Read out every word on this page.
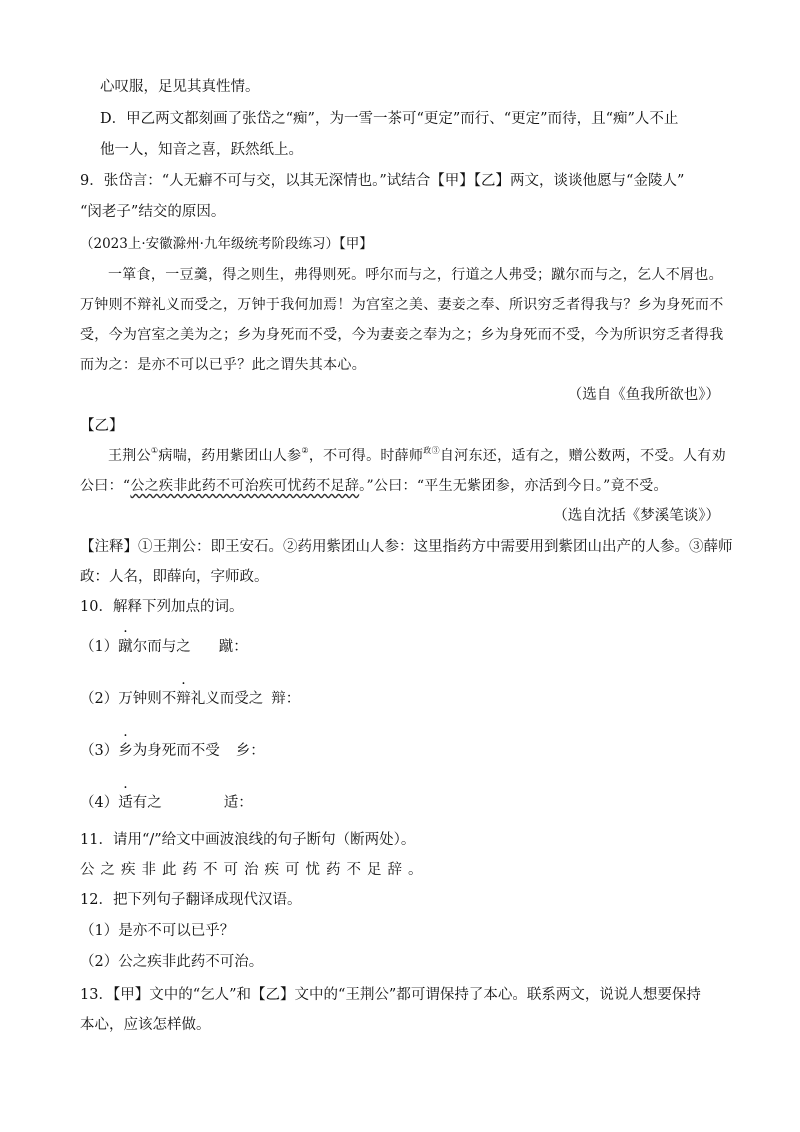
心叹服，足见其真性情。
D．甲乙两文都刻画了张岱之“痴”，为一雪一茶可“更定”而行、“更定”而待，且“痴”人不止
他一人，知音之喜，跃然纸上。
9．张岱言：“人无癖不可与交，以其无深情也。”试结合【甲】【乙】两文，谈谈他愿与“金陵人”
“闵老子”结交的原因。
（2023上·安徽滁州·九年级统考阶段练习）【甲】
一箪食，一豆羹，得之则生，弗得则死。呼尔而与之，行道之人弗受；蹴尔而与之，乞人不屑也。
万钟则不辩礼义而受之，万钟于我何加焉！为宫室之美、妻妾之奉、所识穷乏者得我与？乡为身死而不
受，今为宫室之美为之；乡为身死而不受，今为妻妾之奉为之；乡为身死而不受，今为所识穷乏者得我
而为之：是亦不可以已乎？此之谓失其本心。
（选自《鱼我所欲也》）
【乙】
王荆公①病喘，药用紫团山人参②，不可得。时薛师$^{政③}$自河东还，适有之，赠公数两，不受。人有劝
公曰：“公之疾非此药不可治疾可忧药不足辞。”公曰：“平生无紫团参，亦活到今日。”竟不受。
（选自沈括《梦溪笔谈》）
【注释】①王荆公：即王安石。②药用紫团山人参：这里指药方中需要用到紫团山出产的人参。③薛师
政：人名，即薛向，字师政。
10．解释下列加点的词。
（1）蹴尔而与之 蹴：
（2）万钟则不辩礼义而受之 辩：
（3）乡为身死而不受 乡：
（4）适有之	适：
11．请用“/”给文中画波浪线的句子断句（断两处）。
公之疾非此药不可治疾可忧药不足辞。
12．把下列句子翻译成现代汉语。
（1）是亦不可以已乎？
（2）公之疾非此药不可治。
13．【甲】文中的“乞人”和【乙】文中的“王荆公”都可谓保持了本心。联系两文，说说人想要保持
本心，应该怎样做。
